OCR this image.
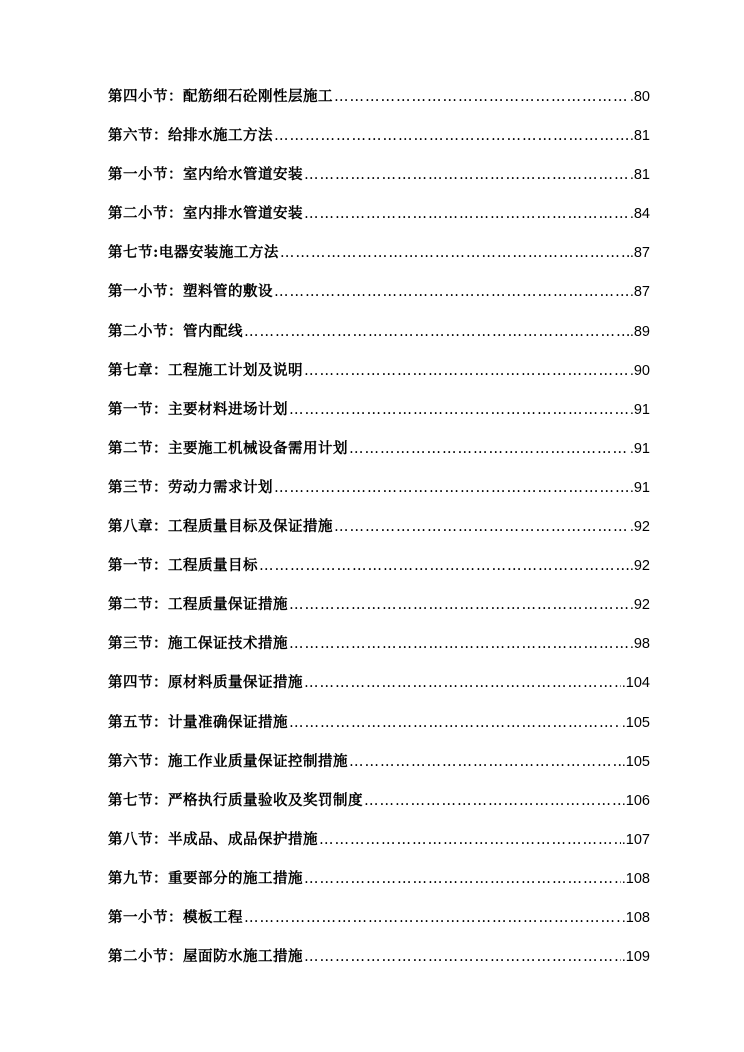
第四小节：配筋细石砼刚性层施工 ………………………………………………………………………………………………………………………………………………………………	.80
第六节：给排水施工方法 ………………………………………………………………………………………………………………………………………………………………	.81
第一小节：室内给水管道安装 ………………………………………………………………………………………………………………………………………………………………	.81
第二小节：室内排水管道安装 ………………………………………………………………………………………………………………………………………………………………	.84
第七节:电器安装施工方法 ………………………………………………………………………………………………………………………………………………………………	.87
第一小节：塑料管的敷设 ………………………………………………………………………………………………………………………………………………………………	.87
第二小节：管内配线 ………………………………………………………………………………………………………………………………………………………………	.89
第七章：工程施工计划及说明 ………………………………………………………………………………………………………………………………………………………………	.90
第一节：主要材料进场计划 ………………………………………………………………………………………………………………………………………………………………	.91
第二节：主要施工机械设备需用计划 ………………………………………………………………………………………………………………………………………………………………	.91
第三节：劳动力需求计划 ………………………………………………………………………………………………………………………………………………………………	.91
第八章：工程质量目标及保证措施 ………………………………………………………………………………………………………………………………………………………………	.92
第一节：工程质量目标 ………………………………………………………………………………………………………………………………………………………………	.92
第二节：工程质量保证措施 ………………………………………………………………………………………………………………………………………………………………	.92
第三节：施工保证技术措施 ………………………………………………………………………………………………………………………………………………………………	.98
第四节：原材料质量保证措施 ………………………………………………………………………………………………………………………………………………………………	.104
第五节：计量准确保证措施 ………………………………………………………………………………………………………………………………………………………………	.105
第六节：施工作业质量保证控制措施 ………………………………………………………………………………………………………………………………………………………………	.105
第七节：严格执行质量验收及奖罚制度 ………………………………………………………………………………………………………………………………………………………………	.106
第八节：半成品、成品保护措施 ………………………………………………………………………………………………………………………………………………………………	.107
第九节：重要部分的施工措施 ………………………………………………………………………………………………………………………………………………………………	.108
第一小节：模板工程 ………………………………………………………………………………………………………………………………………………………………	.108
第二小节：屋面防水施工措施 ………………………………………………………………………………………………………………………………………………………………	.109
